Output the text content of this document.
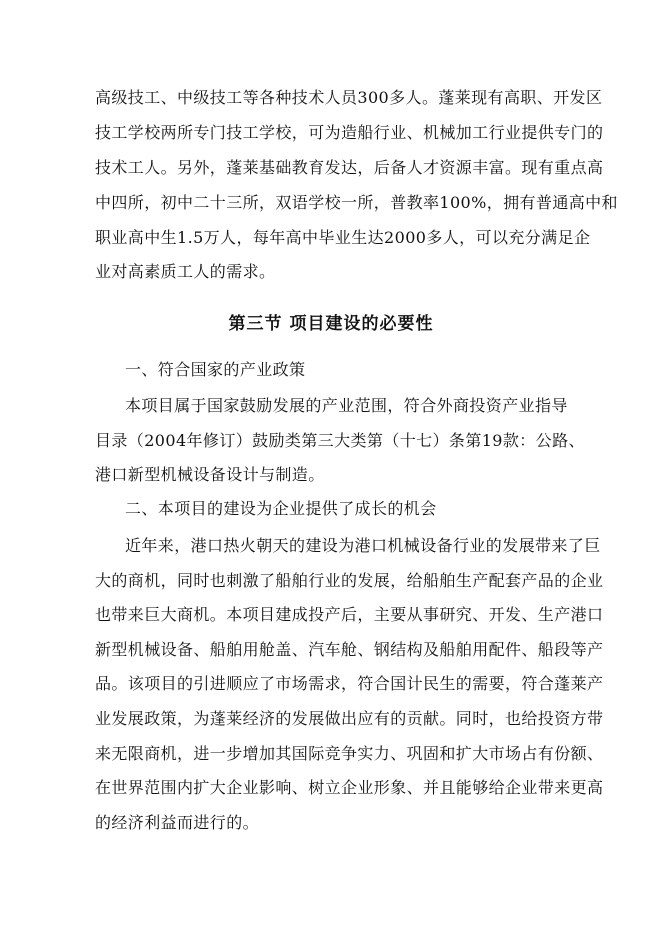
高级技工、中级技工等各种技术人员300多人。蓬莱现有高职、开发区
技工学校两所专门技工学校，可为造船行业、机械加工行业提供专门的
技术工人。另外，蓬莱基础教育发达，后备人才资源丰富。现有重点高
中四所，初中二十三所，双语学校一所，普教率100%，拥有普通高中和
职业高中生1.5万人，每年高中毕业生达2000多人，可以充分满足企
业对高素质工人的需求。
第三节 项目建设的必要性
一、符合国家的产业政策
本项目属于国家鼓励发展的产业范围，符合外商投资产业指导
目录（2004年修订）鼓励类第三大类第（十七）条第19款：公路、
港口新型机械设备设计与制造。
二、本项目的建设为企业提供了成长的机会
近年来，港口热火朝天的建设为港口机械设备行业的发展带来了巨
大的商机，同时也刺激了船舶行业的发展，给船舶生产配套产品的企业
也带来巨大商机。本项目建成投产后，主要从事研究、开发、生产港口
新型机械设备、船舶用舱盖、汽车舱、钢结构及船舶用配件、船段等产
品。该项目的引进顺应了市场需求，符合国计民生的需要，符合蓬莱产
业发展政策，为蓬莱经济的发展做出应有的贡献。同时，也给投资方带
来无限商机，进一步增加其国际竞争实力、巩固和扩大市场占有份额、
在世界范围内扩大企业影响、树立企业形象、并且能够给企业带来更高
的经济利益而进行的。
